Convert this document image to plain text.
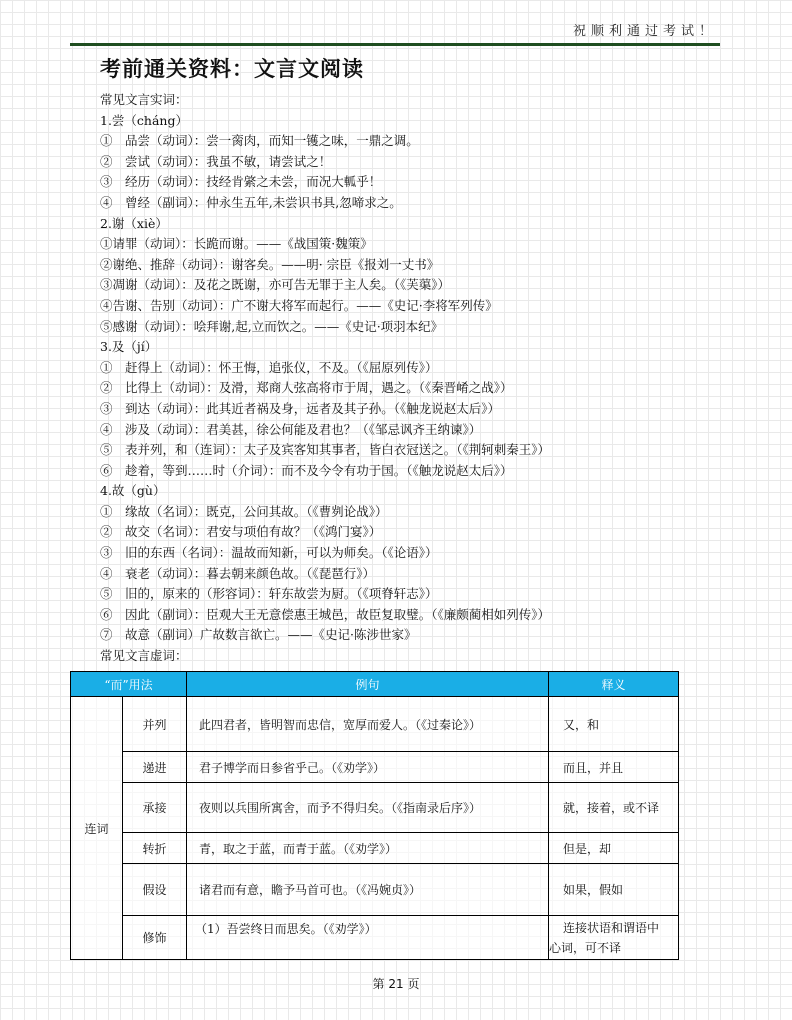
祝顺利通过考试！
考前通关资料：文言文阅读
常见文言实词：
1.尝（cháng）
①　品尝（动词）：尝一脔肉，而知一镬之味，一鼎之调。
②　尝试（动词）：我虽不敏，请尝试之！
③　经历（动词）：技经肯綮之未尝，而况大軱乎！
④　曾经（副词）：仲永生五年,未尝识书具,忽啼求之。
2.谢（xiè）
①请罪（动词）：长跪而谢。——《战国策·魏策》
②谢绝、推辞（动词）：谢客矣。——明· 宗臣《报刘一丈书》
③凋谢（动词）：及花之既谢，亦可告无罪于主人矣。（《芙蕖》）
④告谢、告别（动词）：广不谢大将军而起行。——《史记·李将军列传》
⑤感谢（动词）：哙拜谢,起,立而饮之。——《史记·项羽本纪》
3.及（jí）
①　赶得上（动词）：怀王悔，追张仪，不及。（《屈原列传》）
②　比得上（动词）：及滑，郑商人弦高将市于周，遇之。（《秦晋崤之战》）
③　到达（动词）：此其近者祸及身，远者及其子孙。（《触龙说赵太后》）
④　涉及（动词）：君美甚，徐公何能及君也？（《邹忌讽齐王纳谏》）
⑤　表并列，和（连词）：太子及宾客知其事者，皆白衣冠送之。（《荆轲刺秦王》）
⑥　趁着，等到……时（介词）：而不及今令有功于国。（《触龙说赵太后》）
4.故（gù）
①　缘故（名词）：既克，公问其故。（《曹刿论战》）
②　故交（名词）：君安与项伯有故？（《鸿门宴》）
③　旧的东西（名词）：温故而知新，可以为师矣。（《论语》）
④　衰老（动词）：暮去朝来颜色故。（《琵琶行》）
⑤　旧的，原来的（形容词）：轩东故尝为厨。（《项脊轩志》）
⑥　因此（副词）：臣观大王无意偿惠王城邑，故臣复取璧。（《廉颇蔺相如列传》）
⑦　故意（副词）广故数言欲亡。——《史记·陈涉世家》
常见文言虚词：
“而”用法		例句	释义
连词	并列	此四君者，皆明智而忠信，宽厚而爱人。（《过秦论》）	又，和
	递进	君子博学而日参省乎己。（《劝学》）	而且，并且
	承接	夜则以兵围所寓舍，而予不得归矣。（《指南录后序》）	就，接着，或不译
	转折	青，取之于蓝，而青于蓝。（《劝学》）	但是，却
	假设	诸君而有意，瞻予马首可也。（《冯婉贞》）	如果，假如
	修饰	（1）吾尝终日而思矣。（《劝学》）	连接状语和谓语中
心词，可不译
第 21 页
